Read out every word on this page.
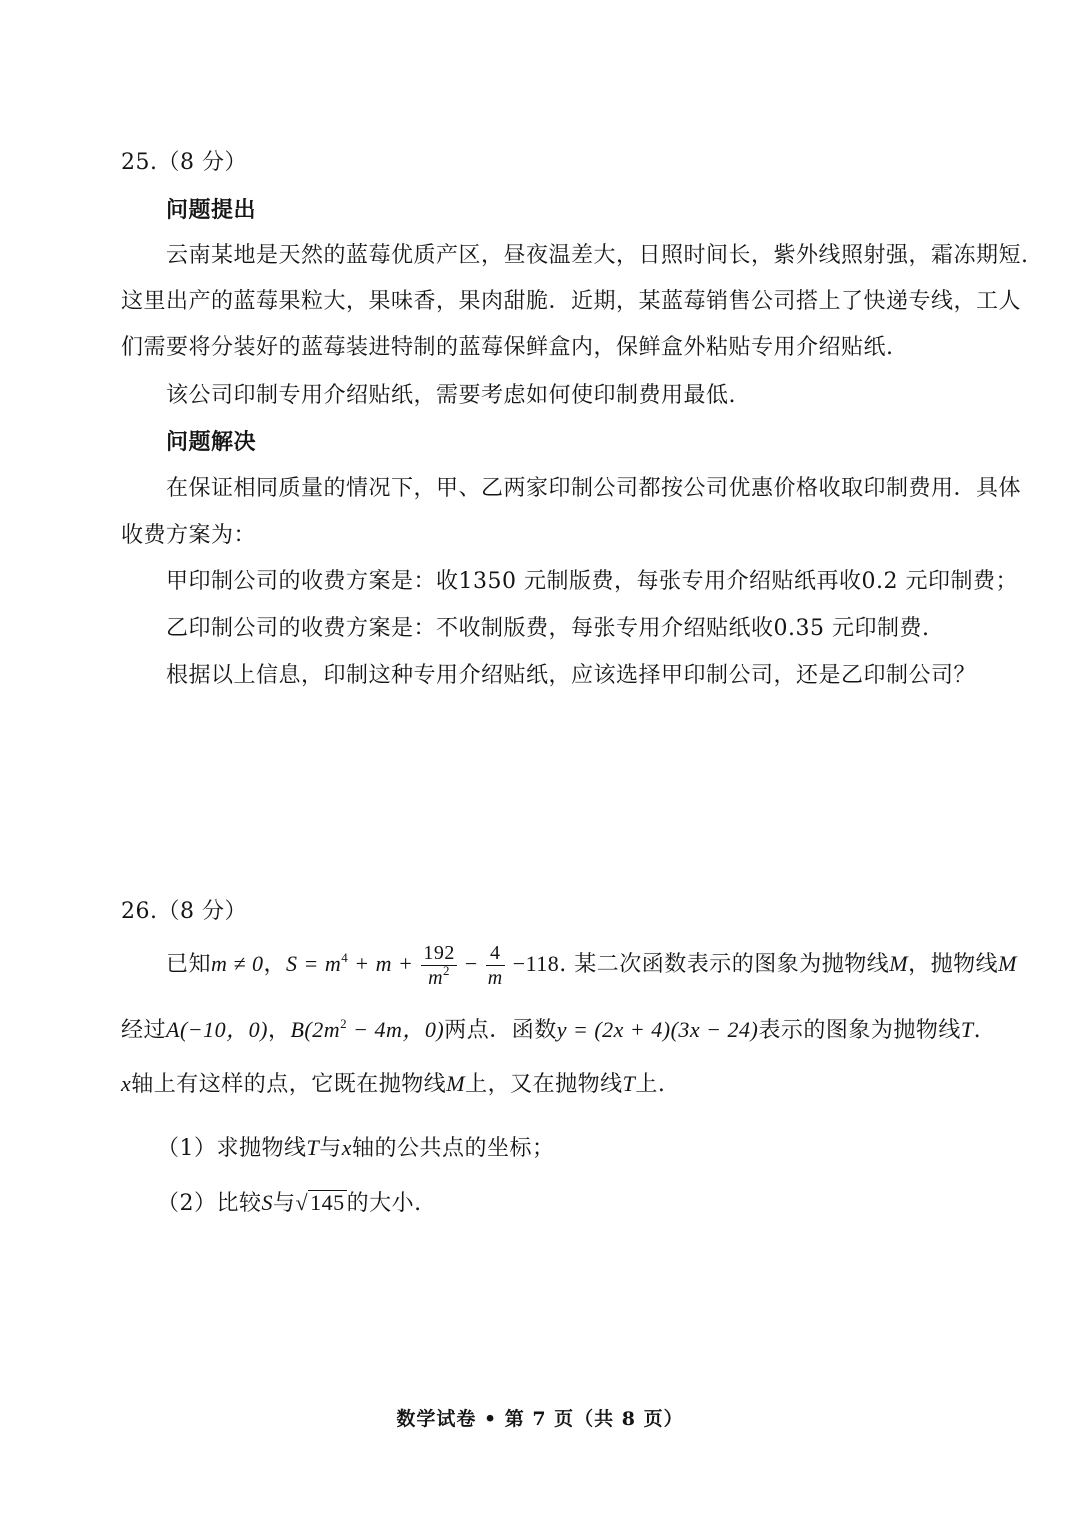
25.（8 分）
问题提出
云南某地是天然的蓝莓优质产区，昼夜温差大，日照时间长，紫外线照射强，霜冻期短.
这里出产的蓝莓果粒大，果味香，果肉甜脆．近期，某蓝莓销售公司搭上了快递专线，工人
们需要将分装好的蓝莓装进特制的蓝莓保鲜盒内，保鲜盒外粘贴专用介绍贴纸.
该公司印制专用介绍贴纸，需要考虑如何使印制费用最低.
问题解决
在保证相同质量的情况下，甲、乙两家印制公司都按公司优惠价格收取印制费用．具体
收费方案为：
甲印制公司的收费方案是：收1350 元制版费，每张专用介绍贴纸再收0.2 元印制费；
乙印制公司的收费方案是：不收制版费，每张专用介绍贴纸收0.35 元印制费.
根据以上信息，印制这种专用介绍贴纸，应该选择甲印制公司，还是乙印制公司？
26.（8 分）
已知m ≠ 0，$S = m^4 + m + \frac{192}{m^2} - \frac{4}{m} -118$. 某二次函数表示的图象为抛物线M，抛物线M
经过A(−10，0)，$B(2m^2 - 4m$，0)两点．函数y = (2x + 4)(3x − 24)表示的图象为抛物线T.
x轴上有这样的点，它既在抛物线M上，又在抛物线T上.
（1）求抛物线T与x轴的公共点的坐标；
（2）比较S与√145的大小.
数学试卷 • 第 7 页（共 8 页）
